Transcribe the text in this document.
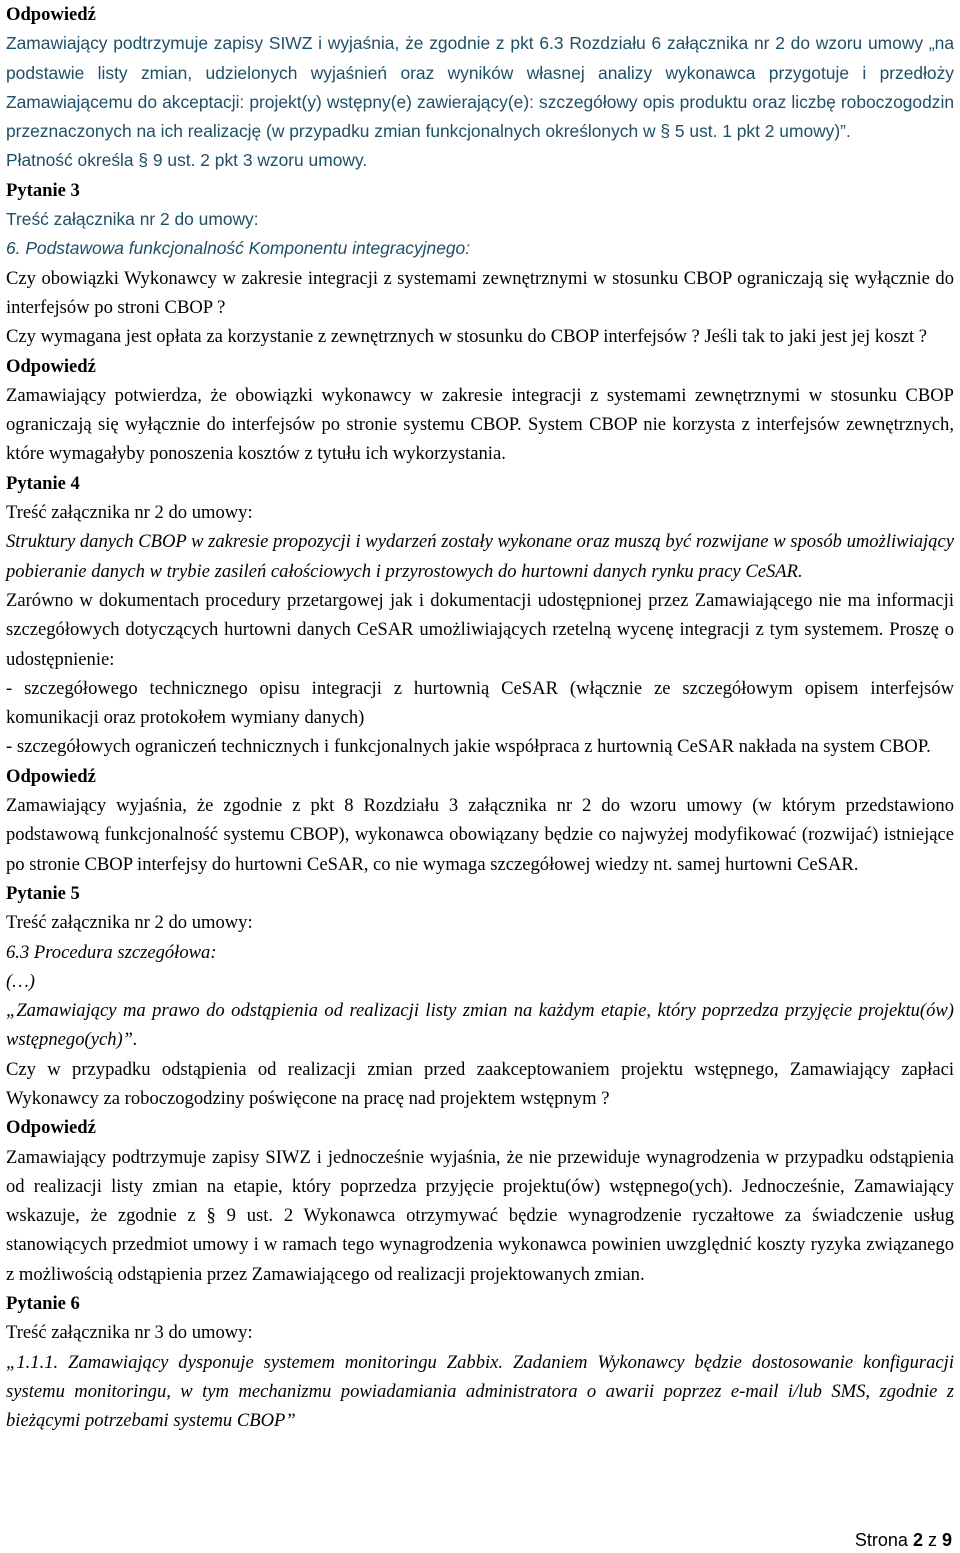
Odpowiedź

Zamawiający podtrzymuje zapisy SIWZ i wyjaśnia, że zgodnie z pkt 6.3 Rozdziału 6 załącznika nr 2 do wzoru umowy „na podstawie listy zmian, udzielonych wyjaśnień oraz wyników własnej analizy wykonawca przygotuje i przedłoży Zamawiającemu do akceptacji: projekt(y) wstępny(e) zawierający(e): szczegółowy opis produktu oraz liczbę roboczogodzin przeznaczonych na ich realizację (w przypadku zmian funkcjonalnych określonych w § 5 ust. 1 pkt 2 umowy)”.

Płatność określa § 9 ust. 2 pkt 3 wzoru umowy.

Pytanie 3

Treść załącznika nr 2 do umowy:

6. Podstawowa funkcjonalność Komponentu integracyjnego:

Czy obowiązki Wykonawcy w zakresie integracji z systemami zewnętrznymi w stosunku CBOP ograniczają się wyłącznie do interfejsów po stroni CBOP ?

Czy wymagana jest opłata za korzystanie z zewnętrznych w stosunku do CBOP interfejsów ? Jeśli tak to jaki jest jej koszt ?

Odpowiedź

Zamawiający potwierdza, że obowiązki wykonawcy w zakresie integracji z systemami zewnętrznymi w stosunku CBOP ograniczają się wyłącznie do interfejsów po stronie systemu CBOP. System CBOP nie korzysta z interfejsów zewnętrznych, które wymagałyby ponoszenia kosztów z tytułu ich wykorzystania.

Pytanie 4

Treść załącznika nr 2 do umowy:

Struktury danych CBOP w zakresie propozycji i wydarzeń zostały wykonane oraz muszą być rozwijane w sposób umożliwiający pobieranie danych w trybie zasileń całościowych i przyrostowych do hurtowni danych rynku pracy CeSAR.

Zarówno w dokumentach procedury przetargowej jak i dokumentacji udostępnionej przez Zamawiającego nie ma informacji szczegółowych dotyczących hurtowni danych CeSAR umożliwiających rzetelną wycenę integracji z tym systemem. Proszę o udostępnienie:

- szczegółowego technicznego opisu integracji z hurtownią CeSAR (włącznie ze szczegółowym opisem interfejsów komunikacji oraz protokołem wymiany danych)

- szczegółowych ograniczeń technicznych i funkcjonalnych jakie współpraca z hurtownią CeSAR nakłada na system CBOP.

Odpowiedź

Zamawiający wyjaśnia, że zgodnie z pkt 8 Rozdziału 3 załącznika nr 2 do wzoru umowy (w którym przedstawiono podstawową funkcjonalność systemu CBOP), wykonawca obowiązany będzie co najwyżej modyfikować (rozwijać) istniejące po stronie CBOP interfejsy do hurtowni CeSAR, co nie wymaga szczegółowej wiedzy nt. samej hurtowni CeSAR.

Pytanie 5

Treść załącznika nr 2 do umowy:

6.3 Procedura szczegółowa:

(…)

„Zamawiający ma prawo do odstąpienia od realizacji listy zmian na każdym etapie, który poprzedza przyjęcie projektu(ów) wstępnego(ych)”.

Czy w przypadku odstąpienia od realizacji zmian przed zaakceptowaniem projektu wstępnego, Zamawiający zapłaci Wykonawcy za roboczogodziny poświęcone na pracę nad projektem wstępnym ?

Odpowiedź

Zamawiający podtrzymuje zapisy SIWZ i jednocześnie wyjaśnia, że nie przewiduje wynagrodzenia w przypadku odstąpienia od realizacji listy zmian na etapie, który poprzedza przyjęcie projektu(ów) wstępnego(ych). Jednocześnie, Zamawiający wskazuje, że zgodnie z § 9 ust. 2 Wykonawca otrzymywać będzie wynagrodzenie ryczałtowe za świadczenie usług stanowiących przedmiot umowy i w ramach tego wynagrodzenia wykonawca powinien uwzględnić koszty ryzyka związanego z możliwością odstąpienia przez Zamawiającego od realizacji projektowanych zmian.

Pytanie 6

Treść załącznika nr 3 do umowy:

„1.1.1. Zamawiający dysponuje systemem monitoringu Zabbix. Zadaniem Wykonawcy będzie dostosowanie konfiguracji systemu monitoringu, w tym mechanizmu powiadamiania administratora o awarii poprzez e-mail i/lub SMS, zgodnie z bieżącymi potrzebami systemu CBOP”

Strona 2 z 9
